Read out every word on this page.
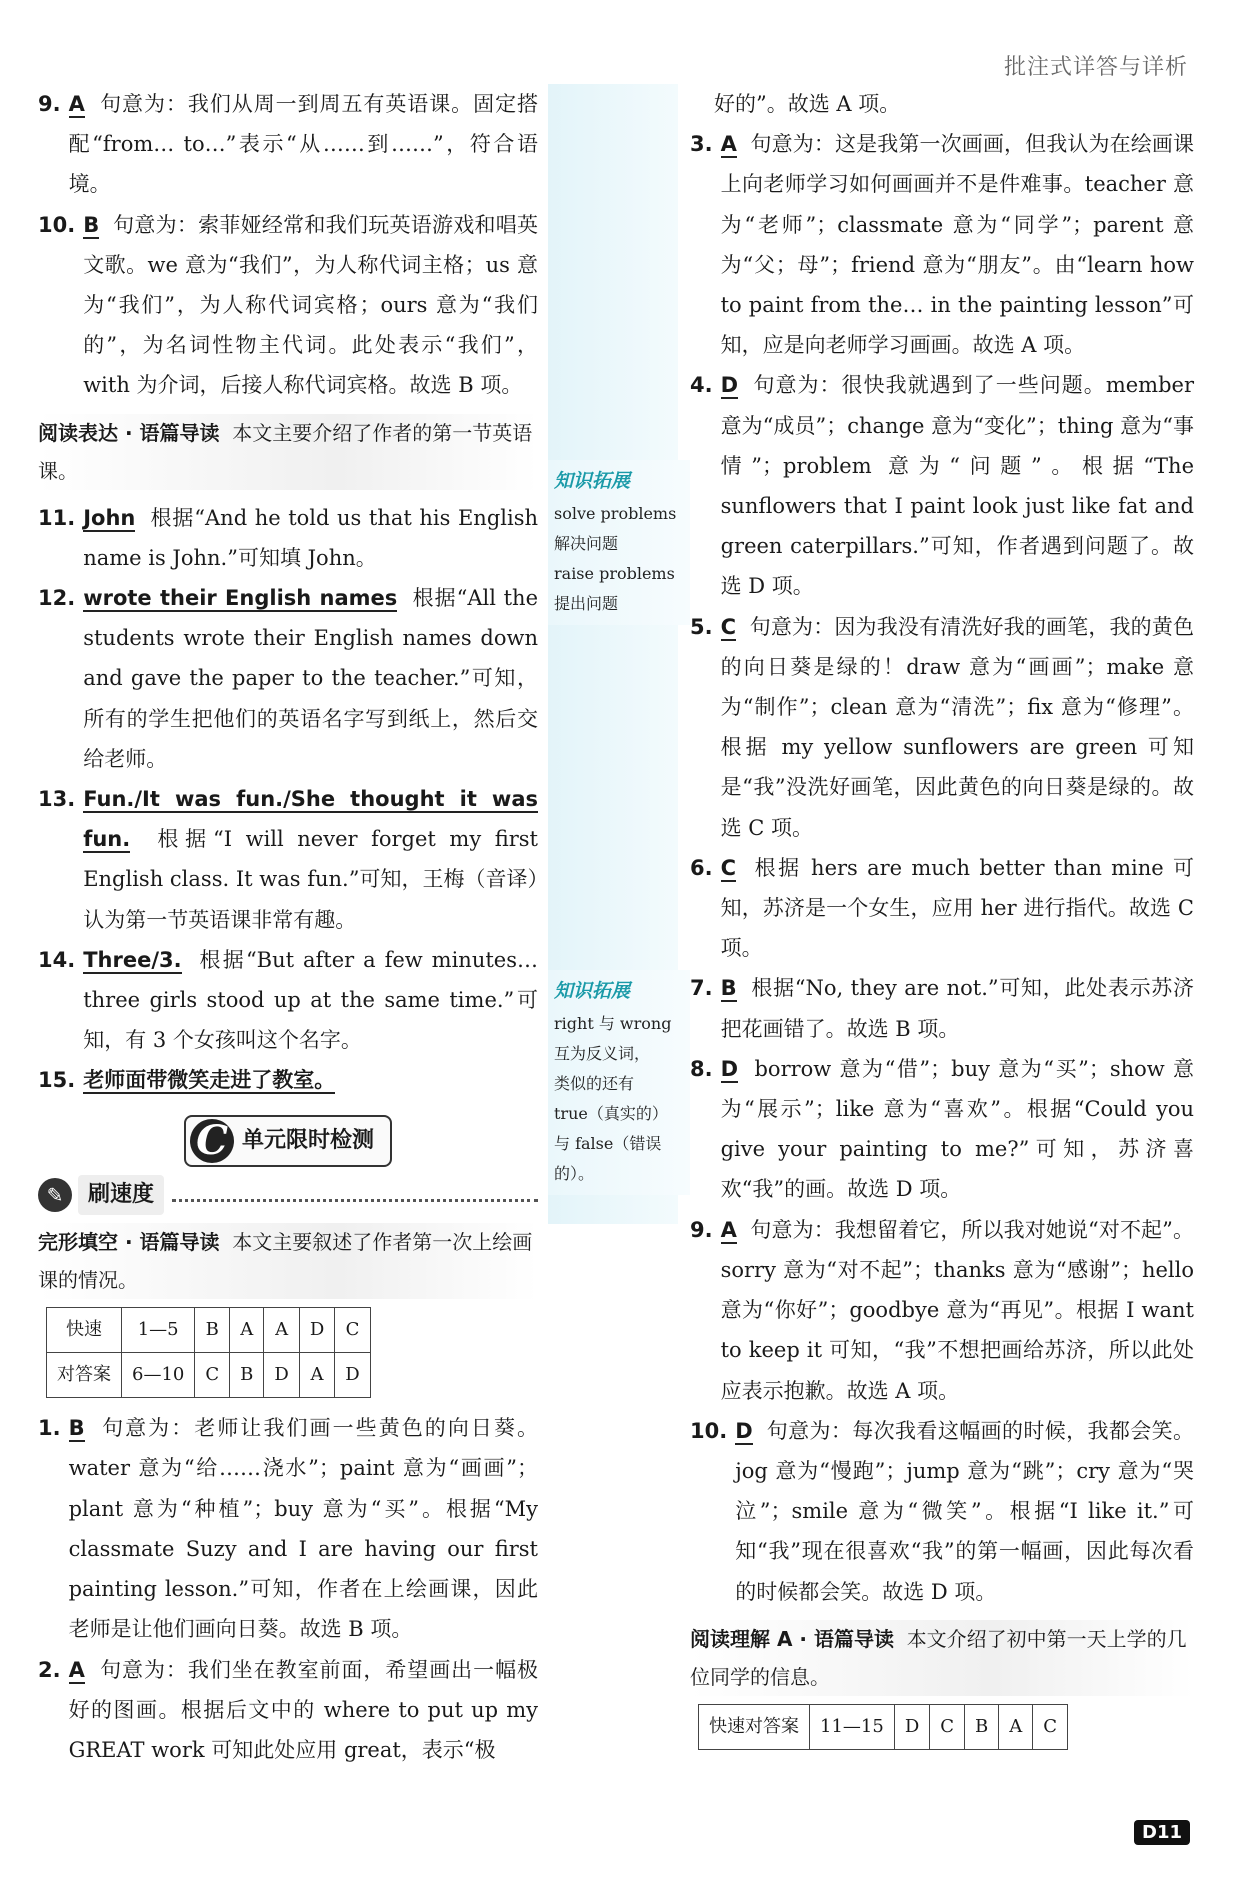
批注式详答与详析
9. A 句意为：我们从周一到周五有英语课。固定搭配“from… to…”表示“从……到……”，符合语境。
10. B 句意为：索菲娅经常和我们玩英语游戏和唱英文歌。we 意为“我们”，为人称代词主格；us 意为“我们”，为人称代词宾格；ours 意为“我们的”，为名词性物主代词。此处表示“我们”，with 为介词，后接人称代词宾格。故选 B 项。
阅读表达 · 语篇导读 本文主要介绍了作者的第一节英语课。
11. John 根据“And he told us that his English name is John.”可知填 John。
12. wrote their English names 根据“All the students wrote their English names down and gave the paper to the teacher.”可知，所有的学生把他们的英语名字写到纸上，然后交给老师。
13. Fun./It was fun./She thought it was fun. 根据“I will never forget my first English class. It was fun.”可知，王梅（音译）认为第一节英语课非常有趣。
14. Three/3. 根据“But after a few minutes… three girls stood up at the same time.”可知，有 3 个女孩叫这个名字。
15. 老师面带微笑走进了教室。
C 单元限时检测
✎	刷速度
完形填空 · 语篇导读 本文主要叙述了作者第一次上绘画课的情况。
快速	1—5	B	A	A	D	C
对答案	6—10	C	B	D	A	D
1. B 句意为：老师让我们画一些黄色的向日葵。water 意为“给……浇水”；paint 意为“画画”；plant 意为“种植”；buy 意为“买”。根据“My classmate Suzy and I are having our first painting lesson.”可知，作者在上绘画课，因此老师是让他们画向日葵。故选 B 项。
2. A 句意为：我们坐在教室前面，希望画出一幅极好的图画。根据后文中的 where to put up my GREAT work 可知此处应用 great，表示“极
知识拓展
solve problems
解决问题
raise problems
提出问题
知识拓展
right 与 wrong
互为反义词，
类似的还有
true（真实的）
与 false（错误
的）。
好的”。故选 A 项。
3. A 句意为：这是我第一次画画，但我认为在绘画课上向老师学习如何画画并不是件难事。teacher 意为“老师”；classmate 意为“同学”；parent 意为“父；母”；friend 意为“朋友”。由“learn how to paint from the… in the painting lesson”可知，应是向老师学习画画。故选 A 项。
4. D 句意为：很快我就遇到了一些问题。member 意为“成员”；change 意为“变化”；thing 意为“事情”；problem 意为“问题”。根据“The sunflowers that I paint look just like fat and green caterpillars.”可知，作者遇到问题了。故选 D 项。
5. C 句意为：因为我没有清洗好我的画笔，我的黄色的向日葵是绿的！draw 意为“画画”；make 意为“制作”；clean 意为“清洗”；fix 意为“修理”。根据 my yellow sunflowers are green 可知是“我”没洗好画笔，因此黄色的向日葵是绿的。故选 C 项。
6. C 根据 hers are much better than mine 可知，苏济是一个女生，应用 her 进行指代。故选 C 项。
7. B 根据“No, they are not.”可知，此处表示苏济把花画错了。故选 B 项。
8. D borrow 意为“借”；buy 意为“买”；show 意为“展示”；like 意为“喜欢”。根据“Could you give your painting to me?”可知，苏济喜欢“我”的画。故选 D 项。
9. A 句意为：我想留着它，所以我对她说“对不起”。sorry 意为“对不起”；thanks 意为“感谢”；hello 意为“你好”；goodbye 意为“再见”。根据 I want to keep it 可知，“我”不想把画给苏济，所以此处应表示抱歉。故选 A 项。
10. D 句意为：每次我看这幅画的时候，我都会笑。jog 意为“慢跑”；jump 意为“跳”；cry 意为“哭泣”；smile 意为“微笑”。根据“I like it.”可知“我”现在很喜欢“我”的第一幅画，因此每次看的时候都会笑。故选 D 项。
阅读理解 A · 语篇导读 本文介绍了初中第一天上学的几位同学的信息。
快速对答案	11—15	D	C	B	A	C
D11
